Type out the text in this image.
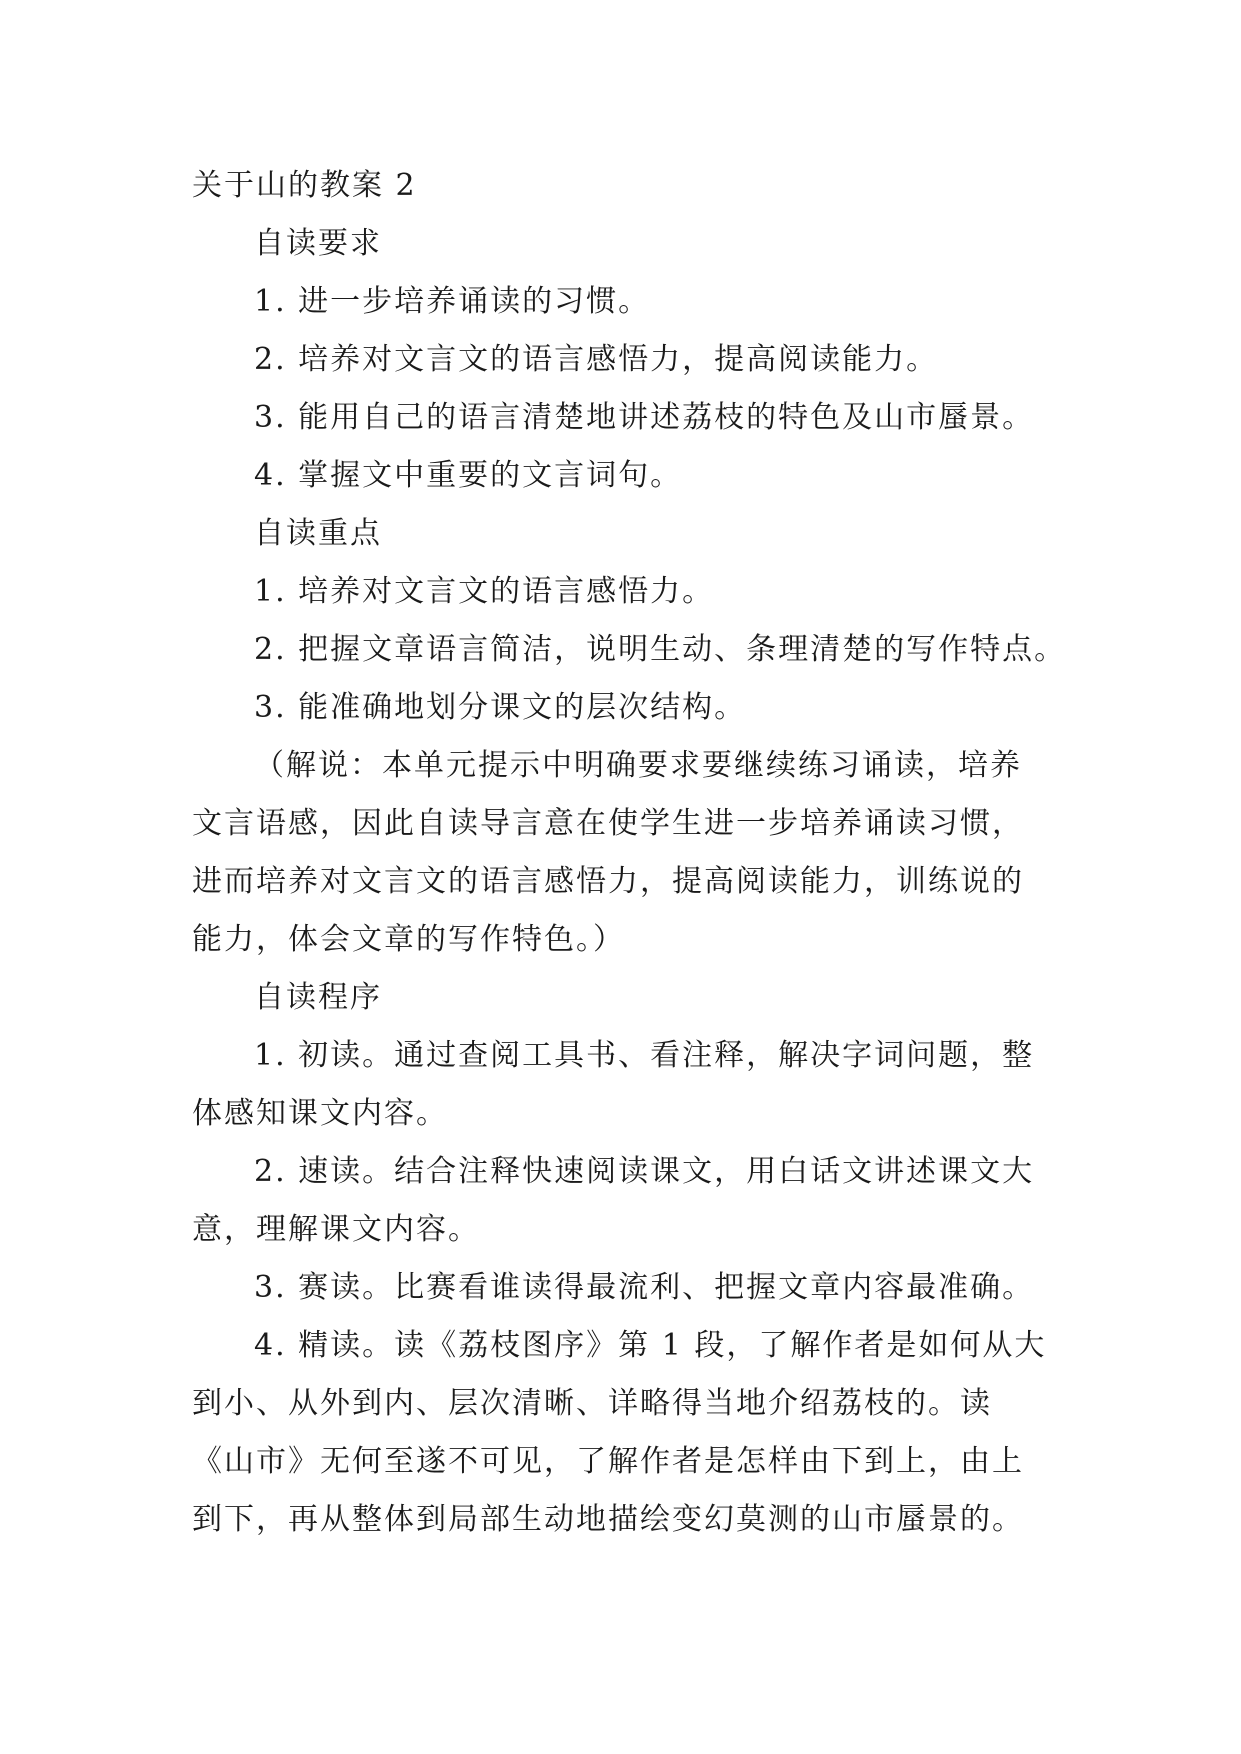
关于山的教案 2
自读要求
1. 进一步培养诵读的习惯。
2. 培养对文言文的语言感悟力，提高阅读能力。
3. 能用自己的语言清楚地讲述荔枝的特色及山市蜃景。
4. 掌握文中重要的文言词句。
自读重点
1. 培养对文言文的语言感悟力。
2. 把握文章语言简洁，说明生动、条理清楚的写作特点。
3. 能准确地划分课文的层次结构。
（解说：本单元提示中明确要求要继续练习诵读，培养
文言语感，因此自读导言意在使学生进一步培养诵读习惯，
进而培养对文言文的语言感悟力，提高阅读能力，训练说的
能力，体会文章的写作特色。）
自读程序
1. 初读。通过查阅工具书、看注释，解决字词问题，整
体感知课文内容。
2. 速读。结合注释快速阅读课文，用白话文讲述课文大
意，理解课文内容。
3. 赛读。比赛看谁读得最流利、把握文章内容最准确。
4. 精读。读《荔枝图序》第 1 段，了解作者是如何从大
到小、从外到内、层次清晰、详略得当地介绍荔枝的。读
《山市》无何至遂不可见，了解作者是怎样由下到上，由上
到下，再从整体到局部生动地描绘变幻莫测的山市蜃景的。
